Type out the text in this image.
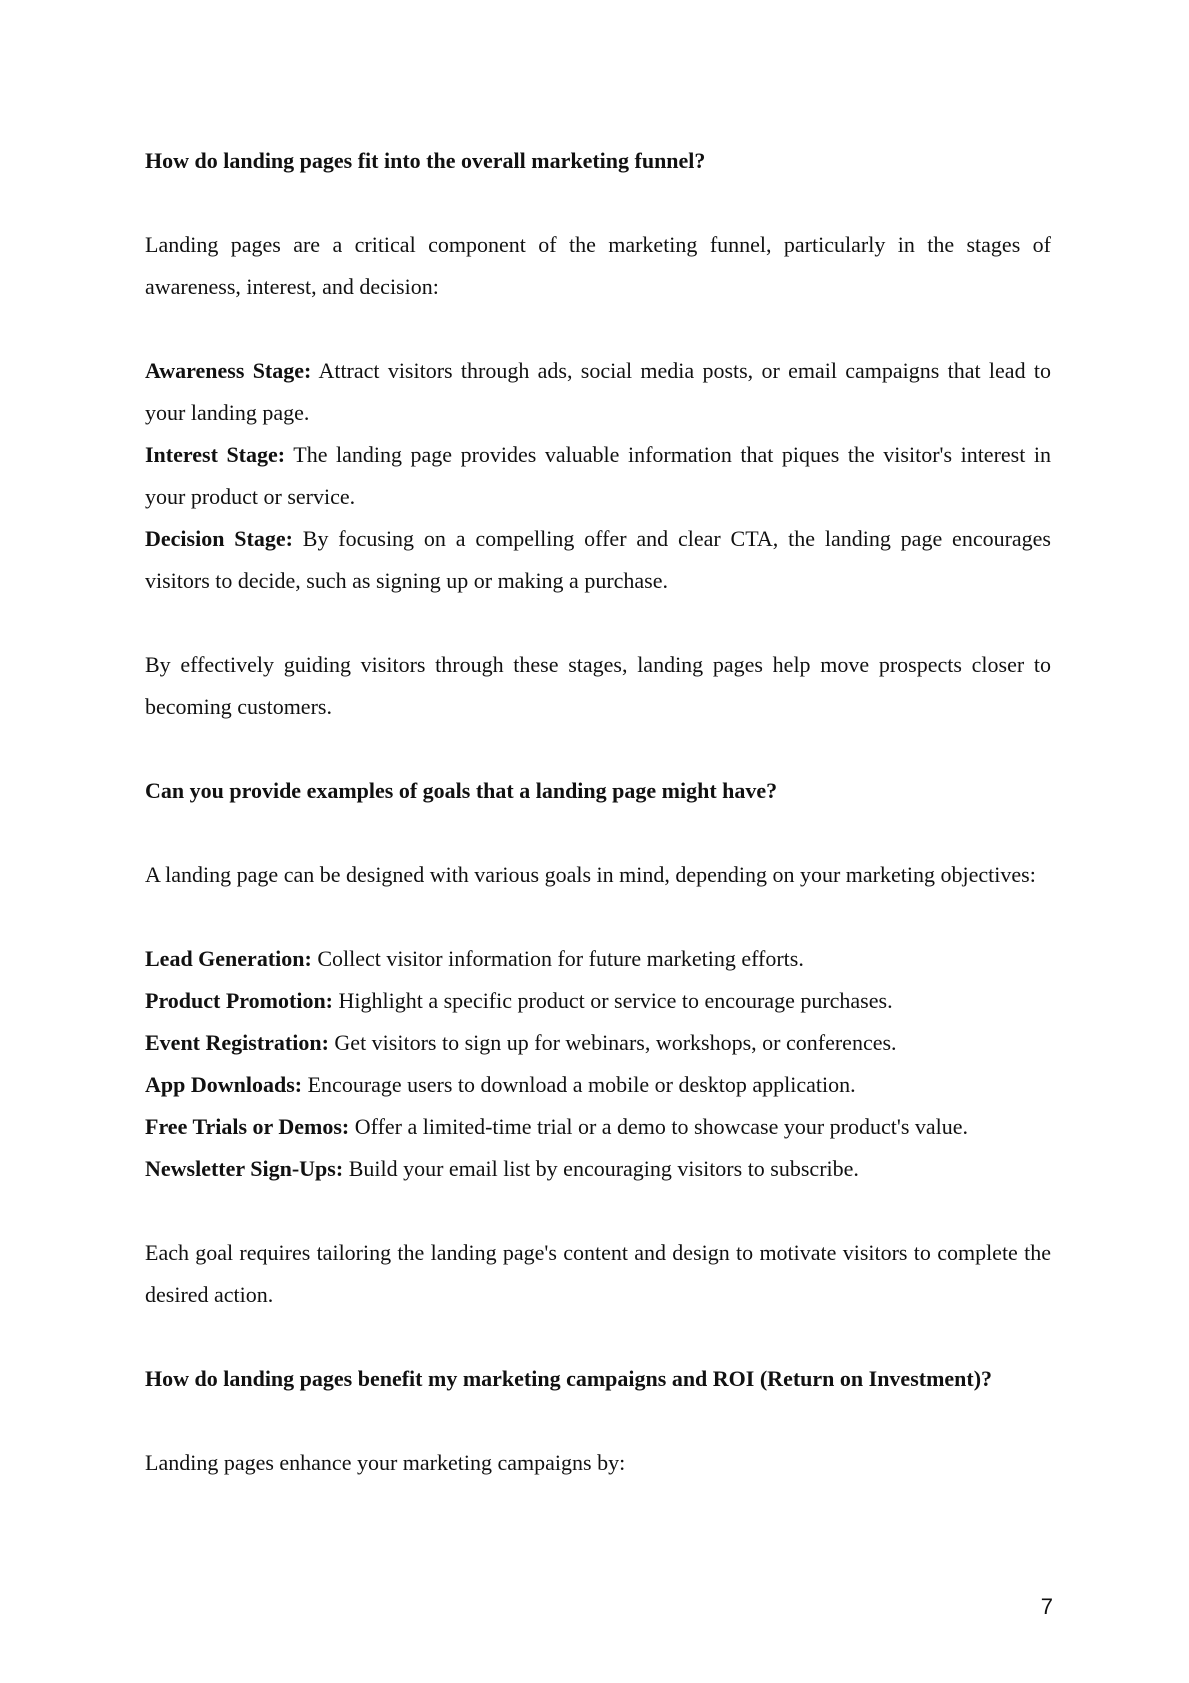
How do landing pages fit into the overall marketing funnel?

Landing pages are a critical component of the marketing funnel, particularly in the stages of awareness, interest, and decision:

Awareness Stage: Attract visitors through ads, social media posts, or email campaigns that lead to your landing page.

Interest Stage: The landing page provides valuable information that piques the visitor's interest in your product or service.

Decision Stage: By focusing on a compelling offer and clear CTA, the landing page encourages visitors to decide, such as signing up or making a purchase.

By effectively guiding visitors through these stages, landing pages help move prospects closer to becoming customers.

Can you provide examples of goals that a landing page might have?

A landing page can be designed with various goals in mind, depending on your marketing objectives:

Lead Generation: Collect visitor information for future marketing efforts.

Product Promotion: Highlight a specific product or service to encourage purchases.

Event Registration: Get visitors to sign up for webinars, workshops, or conferences.

App Downloads: Encourage users to download a mobile or desktop application.

Free Trials or Demos: Offer a limited-time trial or a demo to showcase your product's value.

Newsletter Sign-Ups: Build your email list by encouraging visitors to subscribe.

Each goal requires tailoring the landing page's content and design to motivate visitors to complete the desired action.

How do landing pages benefit my marketing campaigns and ROI (Return on Investment)?

Landing pages enhance your marketing campaigns by:

7
